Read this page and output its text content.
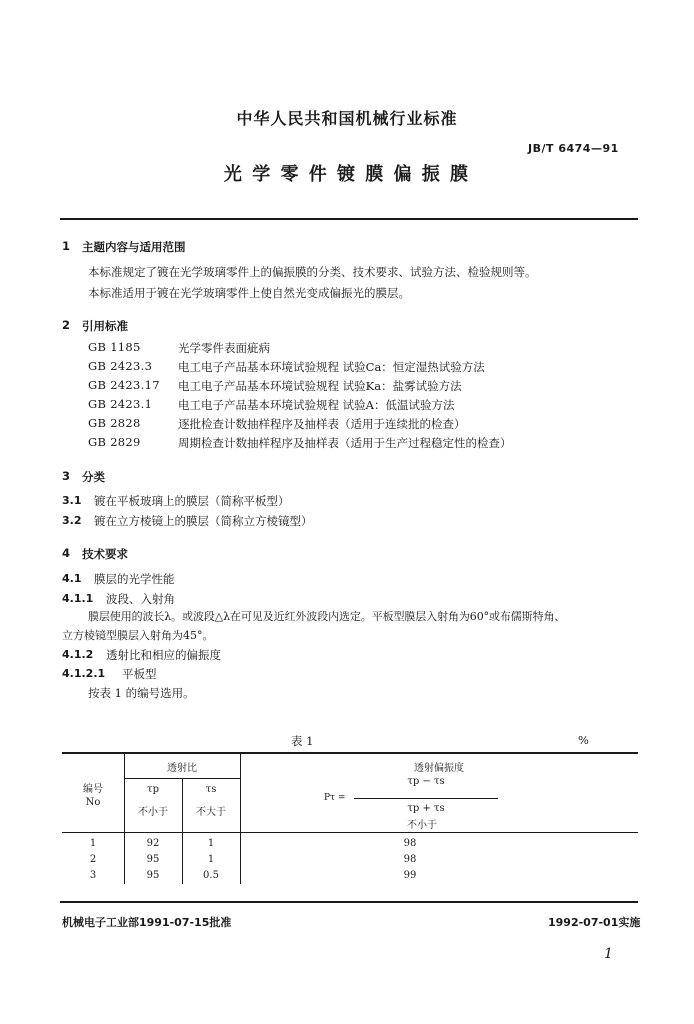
中华人民共和国机械行业标准
JB/T 6474—91
光 学 零 件 镀 膜 偏 振 膜
1 主题内容与适用范围
本标准规定了镀在光学玻璃零件上的偏振膜的分类、技术要求、试验方法、检验规则等。
本标准适用于镀在光学玻璃零件上使自然光变成偏振光的膜层。
2 引用标准
GB 1185	光学零件表面疵病
GB 2423.3 电工电子产品基本环境试验规程 试验Ca：恒定湿热试验方法
GB 2423.17 电工电子产品基本环境试验规程 试验Ka：盐雾试验方法
GB 2423.1 电工电子产品基本环境试验规程 试验A：低温试验方法
GB 2828	逐批检查计数抽样程序及抽样表（适用于连续批的检查）
GB 2829	周期检查计数抽样程序及抽样表（适用于生产过程稳定性的检查）
3 分类
3.1 镀在平板玻璃上的膜层（简称平板型）
3.2 镀在立方棱镜上的膜层（简称立方棱镜型）
4 技术要求
4.1 膜层的光学性能
4.1.1 波段、入射角
膜层使用的波长λ。或波段△λ在可见及近红外波段内选定。平板型膜层入射角为60°或布儒斯特角、
立方棱镜型膜层入射角为45°。
4.1.2 透射比和相应的偏振度
4.1.2.1 平板型
按表 1 的编号选用。
表 1	%
编号
No
透射比
τp	τs
不小于	不大于
透射偏振度
Pτ =
τp − τs
τp + τs
不小于
1	92	1	98
2	95	1	98
3	95	0.5	99
机械电子工业部1991-07-15批准	1992-07-01实施
1
